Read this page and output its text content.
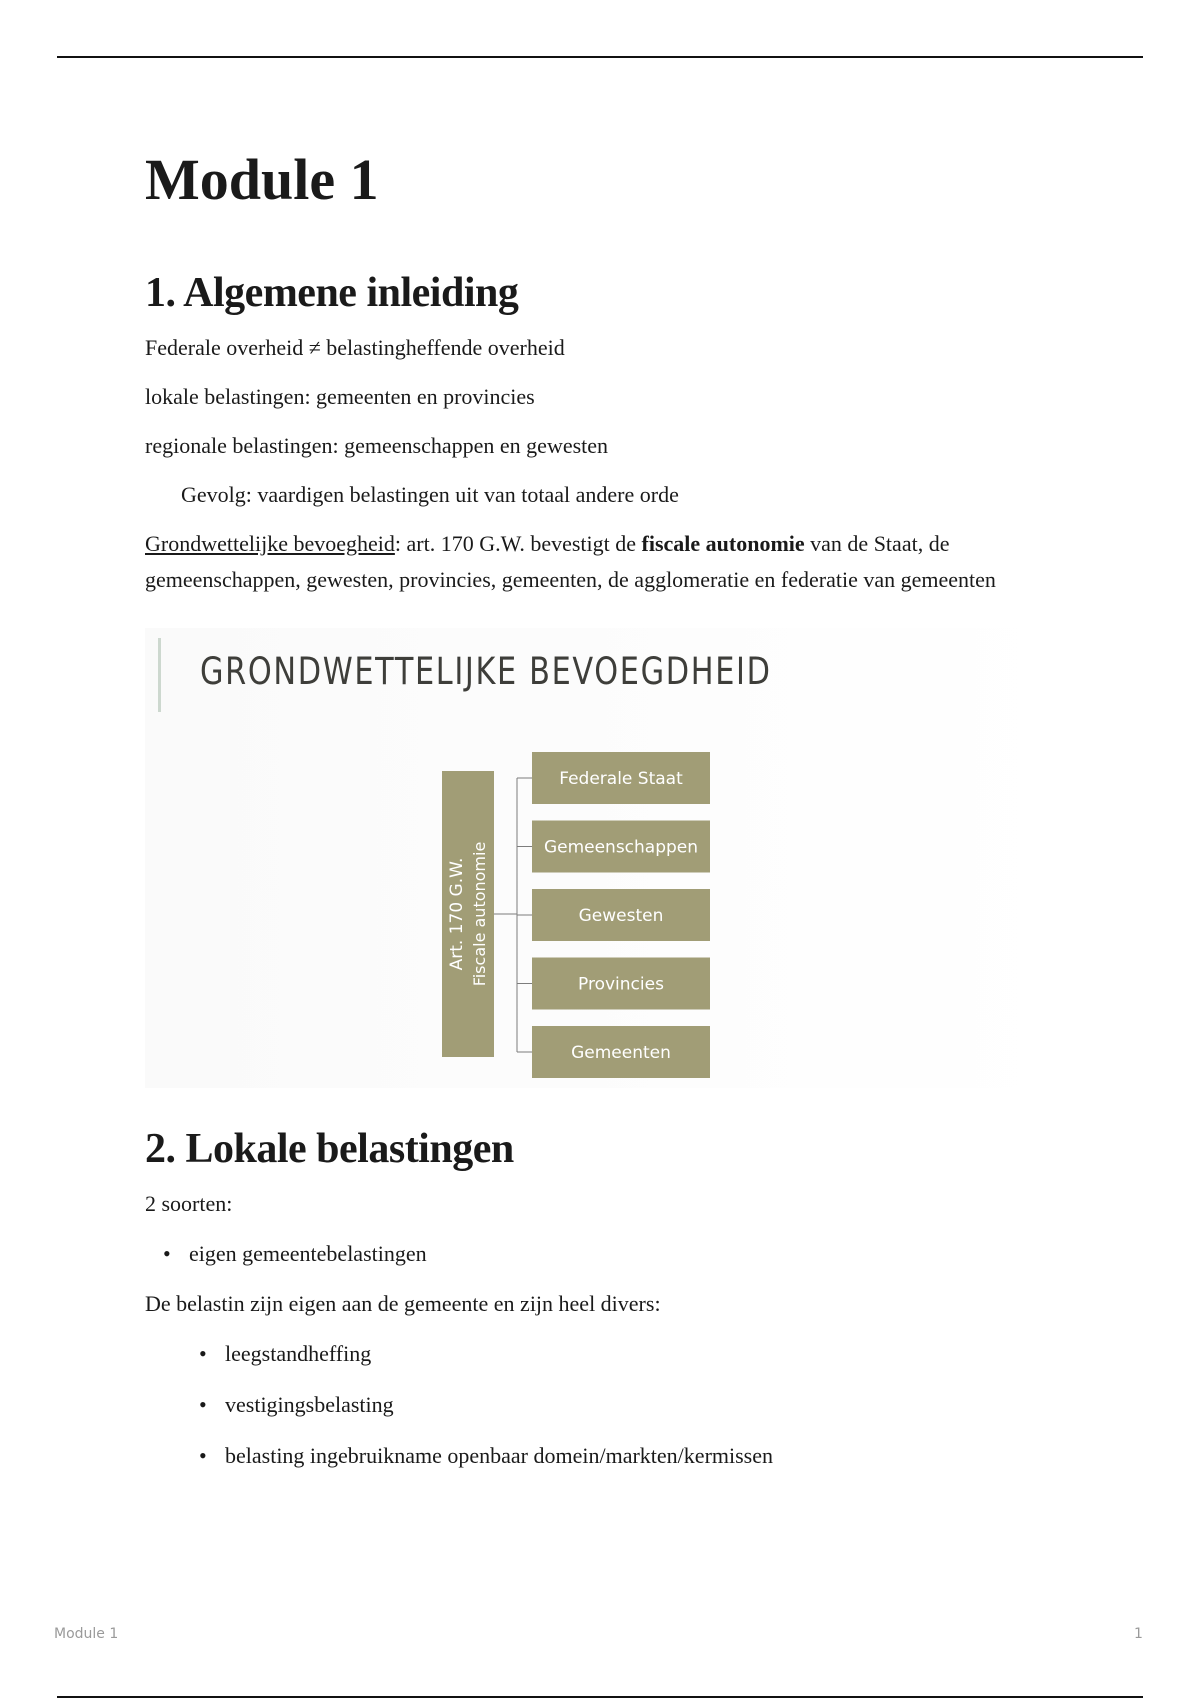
Module 1
1. Algemene inleiding

Federale overheid ≠ belastingheffende overheid

lokale belastingen: gemeenten en provincies

regionale belastingen: gemeenschappen en gewesten

Gevolg: vaardigen belastingen uit van totaal andere orde

Grondwettelijke bevoegheid: art. 170 G.W. bevestigt de fiscale autonomie van de Staat, de gemeenschappen, gewesten, provincies, gemeenten, de agglomeratie en federatie van gemeenten

GRONDWETTELIJKE BEVOEGDHEID
Art. 170 G.W. Fiscale autonomie
Federale Staat
Gemeenschappen
Gewesten
Provincies
Gemeenten
2. Lokale belastingen

2 soorten:

• eigen gemeentebelastingen

De belastin zijn eigen aan de gemeente en zijn heel divers:

• leegstandheffing
• vestigingsbelasting
• belasting ingebruikname openbaar domein/markten/kermissen
Module 1	1
